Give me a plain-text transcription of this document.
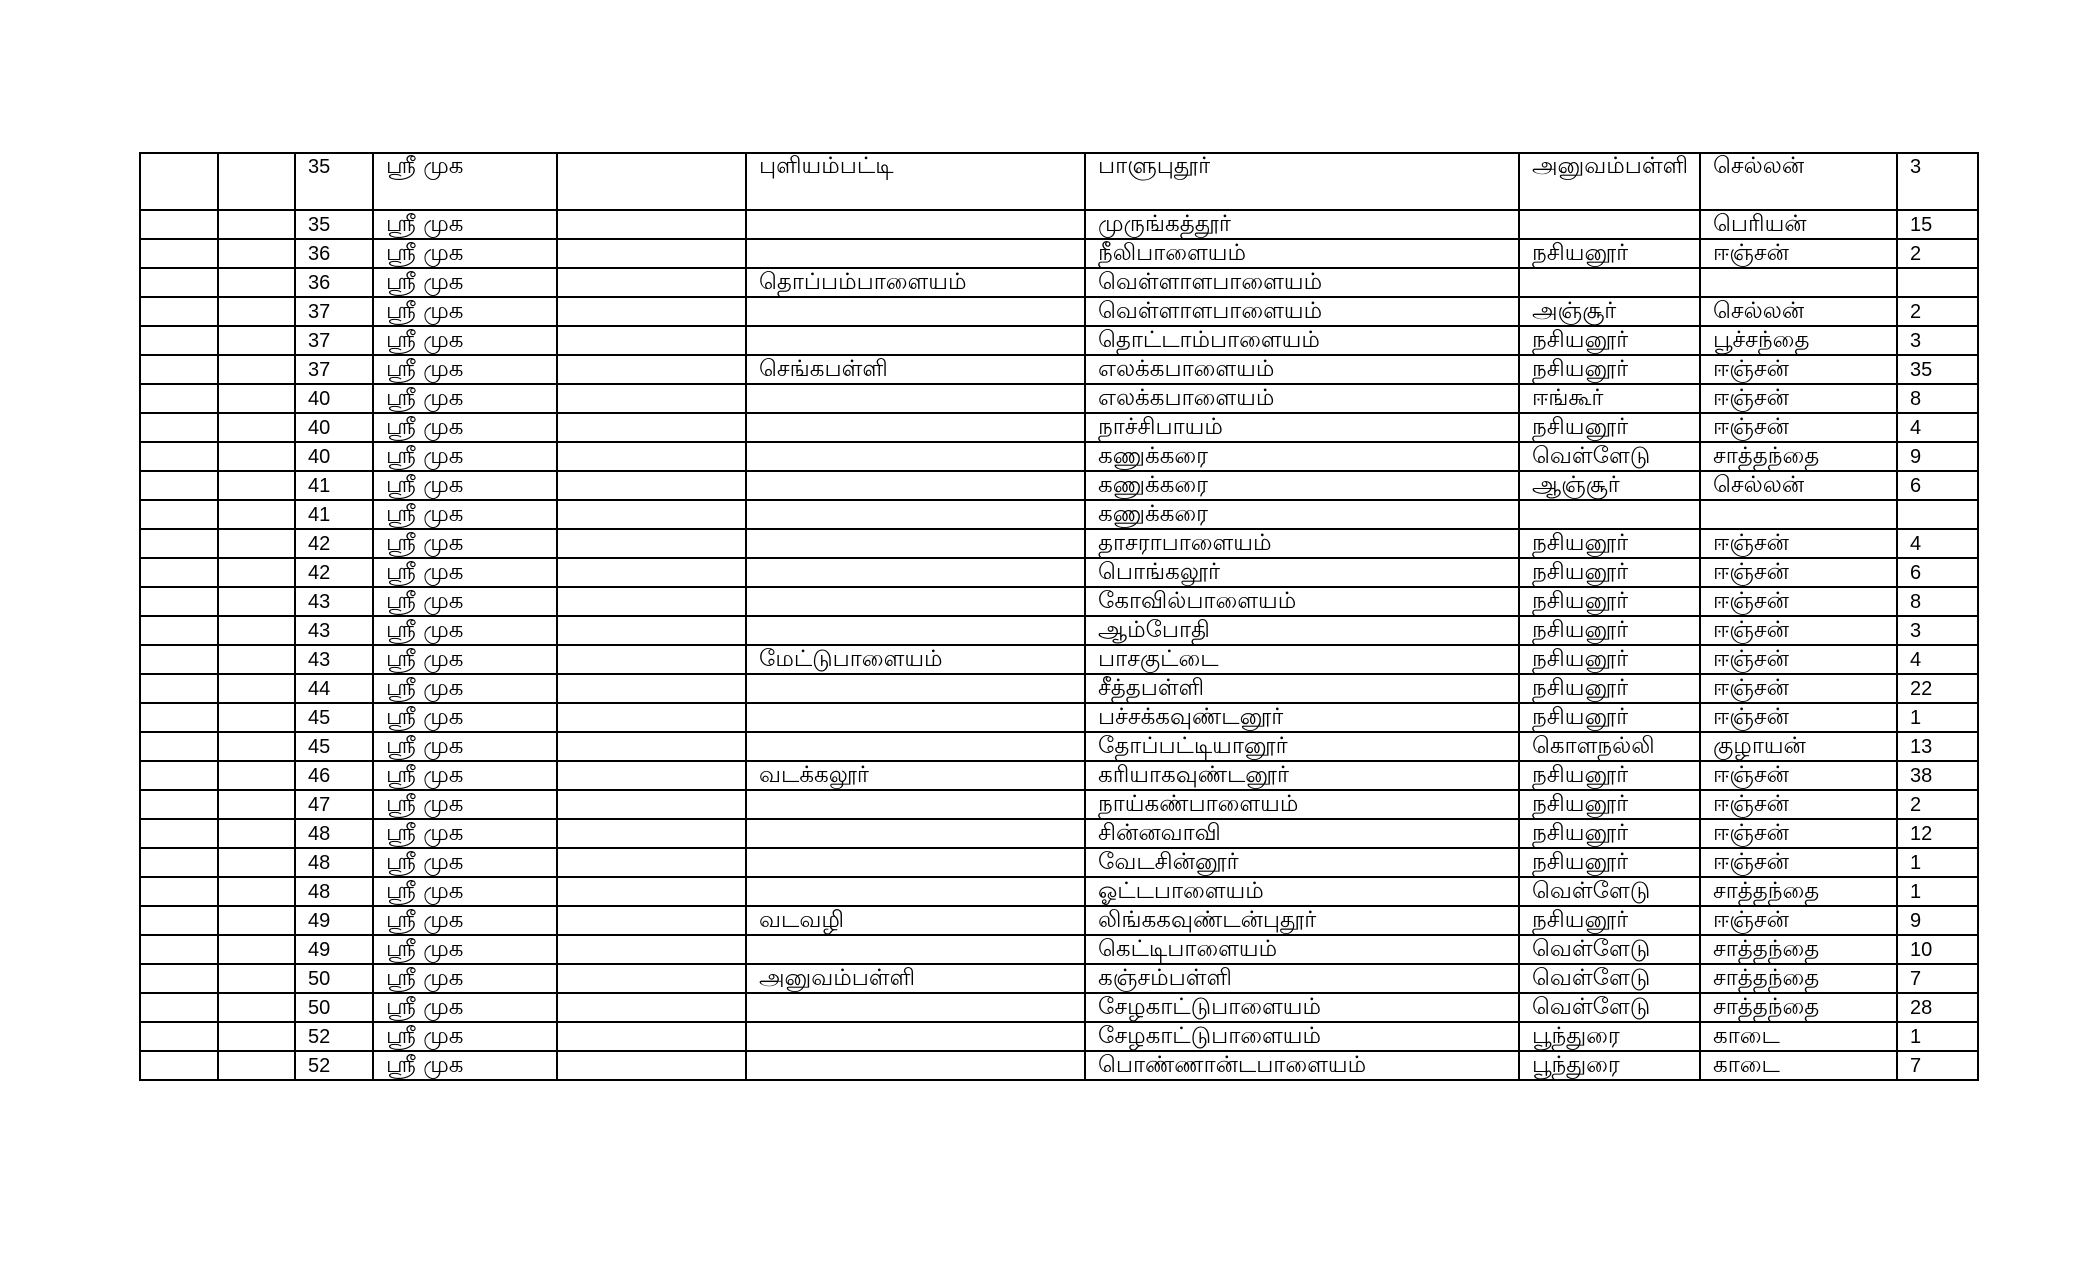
		35	ஸ்ரீ முக		புளியம்பட்டி	பாளுபுதூர்	அனுவம்பள்ளி	செல்லன்	3
		35	ஸ்ரீ முக			முருங்கத்தூர்		பெரியன்	15
		36	ஸ்ரீ முக			நீலிபாளையம்	நசியனூர்	ஈஞ்சன்	2
		36	ஸ்ரீ முக		தொப்பம்பாளையம்	வெள்ளாளபாளையம்			
		37	ஸ்ரீ முக			வெள்ளாளபாளையம்	அஞ்சூர்	செல்லன்	2
		37	ஸ்ரீ முக			தொட்டாம்பாளையம்	நசியனூர்	பூச்சந்தை	3
		37	ஸ்ரீ முக		செங்கபள்ளி	எலக்கபாளையம்	நசியனூர்	ஈஞ்சன்	35
		40	ஸ்ரீ முக			எலக்கபாளையம்	ஈங்கூர்	ஈஞ்சன்	8
		40	ஸ்ரீ முக			நாச்சிபாயம்	நசியனூர்	ஈஞ்சன்	4
		40	ஸ்ரீ முக			கணுக்கரை	வெள்ளேடு	சாத்தந்தை	9
		41	ஸ்ரீ முக			கணுக்கரை	ஆஞ்சூர்	செல்லன்	6
		41	ஸ்ரீ முக			கணுக்கரை			
		42	ஸ்ரீ முக			தாசராபாளையம்	நசியனூர்	ஈஞ்சன்	4
		42	ஸ்ரீ முக			பொங்கலூர்	நசியனூர்	ஈஞ்சன்	6
		43	ஸ்ரீ முக			கோவில்பாளையம்	நசியனூர்	ஈஞ்சன்	8
		43	ஸ்ரீ முக			ஆம்போதி	நசியனூர்	ஈஞ்சன்	3
		43	ஸ்ரீ முக		மேட்டுபாளையம்	பாசகுட்டை	நசியனூர்	ஈஞ்சன்	4
		44	ஸ்ரீ முக			சீத்தபள்ளி	நசியனூர்	ஈஞ்சன்	22
		45	ஸ்ரீ முக			பச்சக்கவுண்டனூர்	நசியனூர்	ஈஞ்சன்	1
		45	ஸ்ரீ முக			தோப்பட்டியானூர்	கொளநல்லி	குழாயன்	13
		46	ஸ்ரீ முக		வடக்கலூர்	கரியாகவுண்டனூர்	நசியனூர்	ஈஞ்சன்	38
		47	ஸ்ரீ முக			நாய்கண்பாளையம்	நசியனூர்	ஈஞ்சன்	2
		48	ஸ்ரீ முக			சின்னவாவி	நசியனூர்	ஈஞ்சன்	12
		48	ஸ்ரீ முக			வேடசின்னூர்	நசியனூர்	ஈஞ்சன்	1
		48	ஸ்ரீ முக			ஓட்டபாளையம்	வெள்ளேடு	சாத்தந்தை	1
		49	ஸ்ரீ முக		வடவழி	லிங்ககவுண்டன்புதூர்	நசியனூர்	ஈஞ்சன்	9
		49	ஸ்ரீ முக			கெட்டிபாளையம்	வெள்ளேடு	சாத்தந்தை	10
		50	ஸ்ரீ முக		அனுவம்பள்ளி	கஞ்சம்பள்ளி	வெள்ளேடு	சாத்தந்தை	7
		50	ஸ்ரீ முக			சேழகாட்டுபாளையம்	வெள்ளேடு	சாத்தந்தை	28
		52	ஸ்ரீ முக			சேழகாட்டுபாளையம்	பூந்துரை	காடை	1
		52	ஸ்ரீ முக			பொண்ணான்டபாளையம்	பூந்துரை	காடை	7
